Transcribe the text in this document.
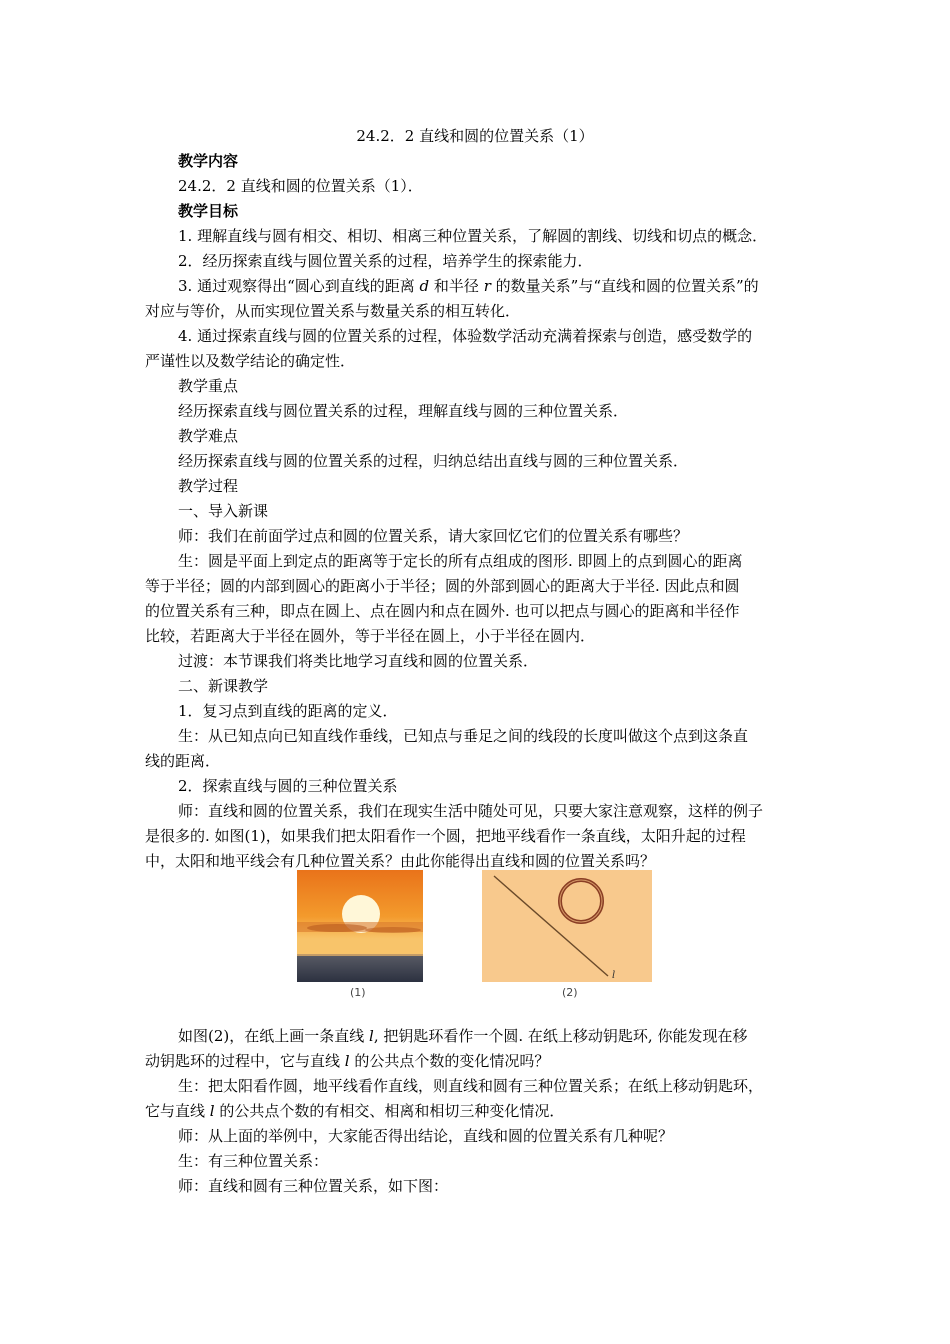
24.2．2 直线和圆的位置关系（1）
教学内容
24.2．2 直线和圆的位置关系（1）．
教学目标
1. 理解直线与圆有相交、相切、相离三种位置关系，了解圆的割线、切线和切点的概念．
2．经历探索直线与圆位置关系的过程，培养学生的探索能力．
3. 通过观察得出“圆心到直线的距离 d 和半径 r 的数量关系”与“直线和圆的位置关系”的
对应与等价，从而实现位置关系与数量关系的相互转化．
4. 通过探索直线与圆的位置关系的过程，体验数学活动充满着探索与创造，感受数学的
严谨性以及数学结论的确定性．
教学重点
经历探索直线与圆位置关系的过程，理解直线与圆的三种位置关系．
教学难点
经历探索直线与圆的位置关系的过程，归纳总结出直线与圆的三种位置关系．
教学过程
一、导入新课
师：我们在前面学过点和圆的位置关系，请大家回忆它们的位置关系有哪些？
生：圆是平面上到定点的距离等于定长的所有点组成的图形. 即圆上的点到圆心的距离
等于半径；圆的内部到圆心的距离小于半径；圆的外部到圆心的距离大于半径. 因此点和圆
的位置关系有三种，即点在圆上、点在圆内和点在圆外. 也可以把点与圆心的距离和半径作
比较，若距离大于半径在圆外，等于半径在圆上，小于半径在圆内．
过渡：本节课我们将类比地学习直线和圆的位置关系．
二、新课教学
1．复习点到直线的距离的定义．
生：从已知点向已知直线作垂线，已知点与垂足之间的线段的长度叫做这个点到这条直
线的距离．
2．探索直线与圆的三种位置关系
师：直线和圆的位置关系，我们在现实生活中随处可见，只要大家注意观察，这样的例子
是很多的. 如图(1)，如果我们把太阳看作一个圆，把地平线看作一条直线，太阳升起的过程
中，太阳和地平线会有几种位置关系？由此你能得出直线和圆的位置关系吗？
l
(1)	(2)
如图(2)，在纸上画一条直线 l, 把钥匙环看作一个圆. 在纸上移动钥匙环, 你能发现在移
动钥匙环的过程中，它与直线 l 的公共点个数的变化情况吗？
生：把太阳看作圆，地平线看作直线，则直线和圆有三种位置关系；在纸上移动钥匙环，
它与直线 l 的公共点个数的有相交、相离和相切三种变化情况．
师：从上面的举例中，大家能否得出结论，直线和圆的位置关系有几种呢？
生：有三种位置关系：
师：直线和圆有三种位置关系，如下图：
